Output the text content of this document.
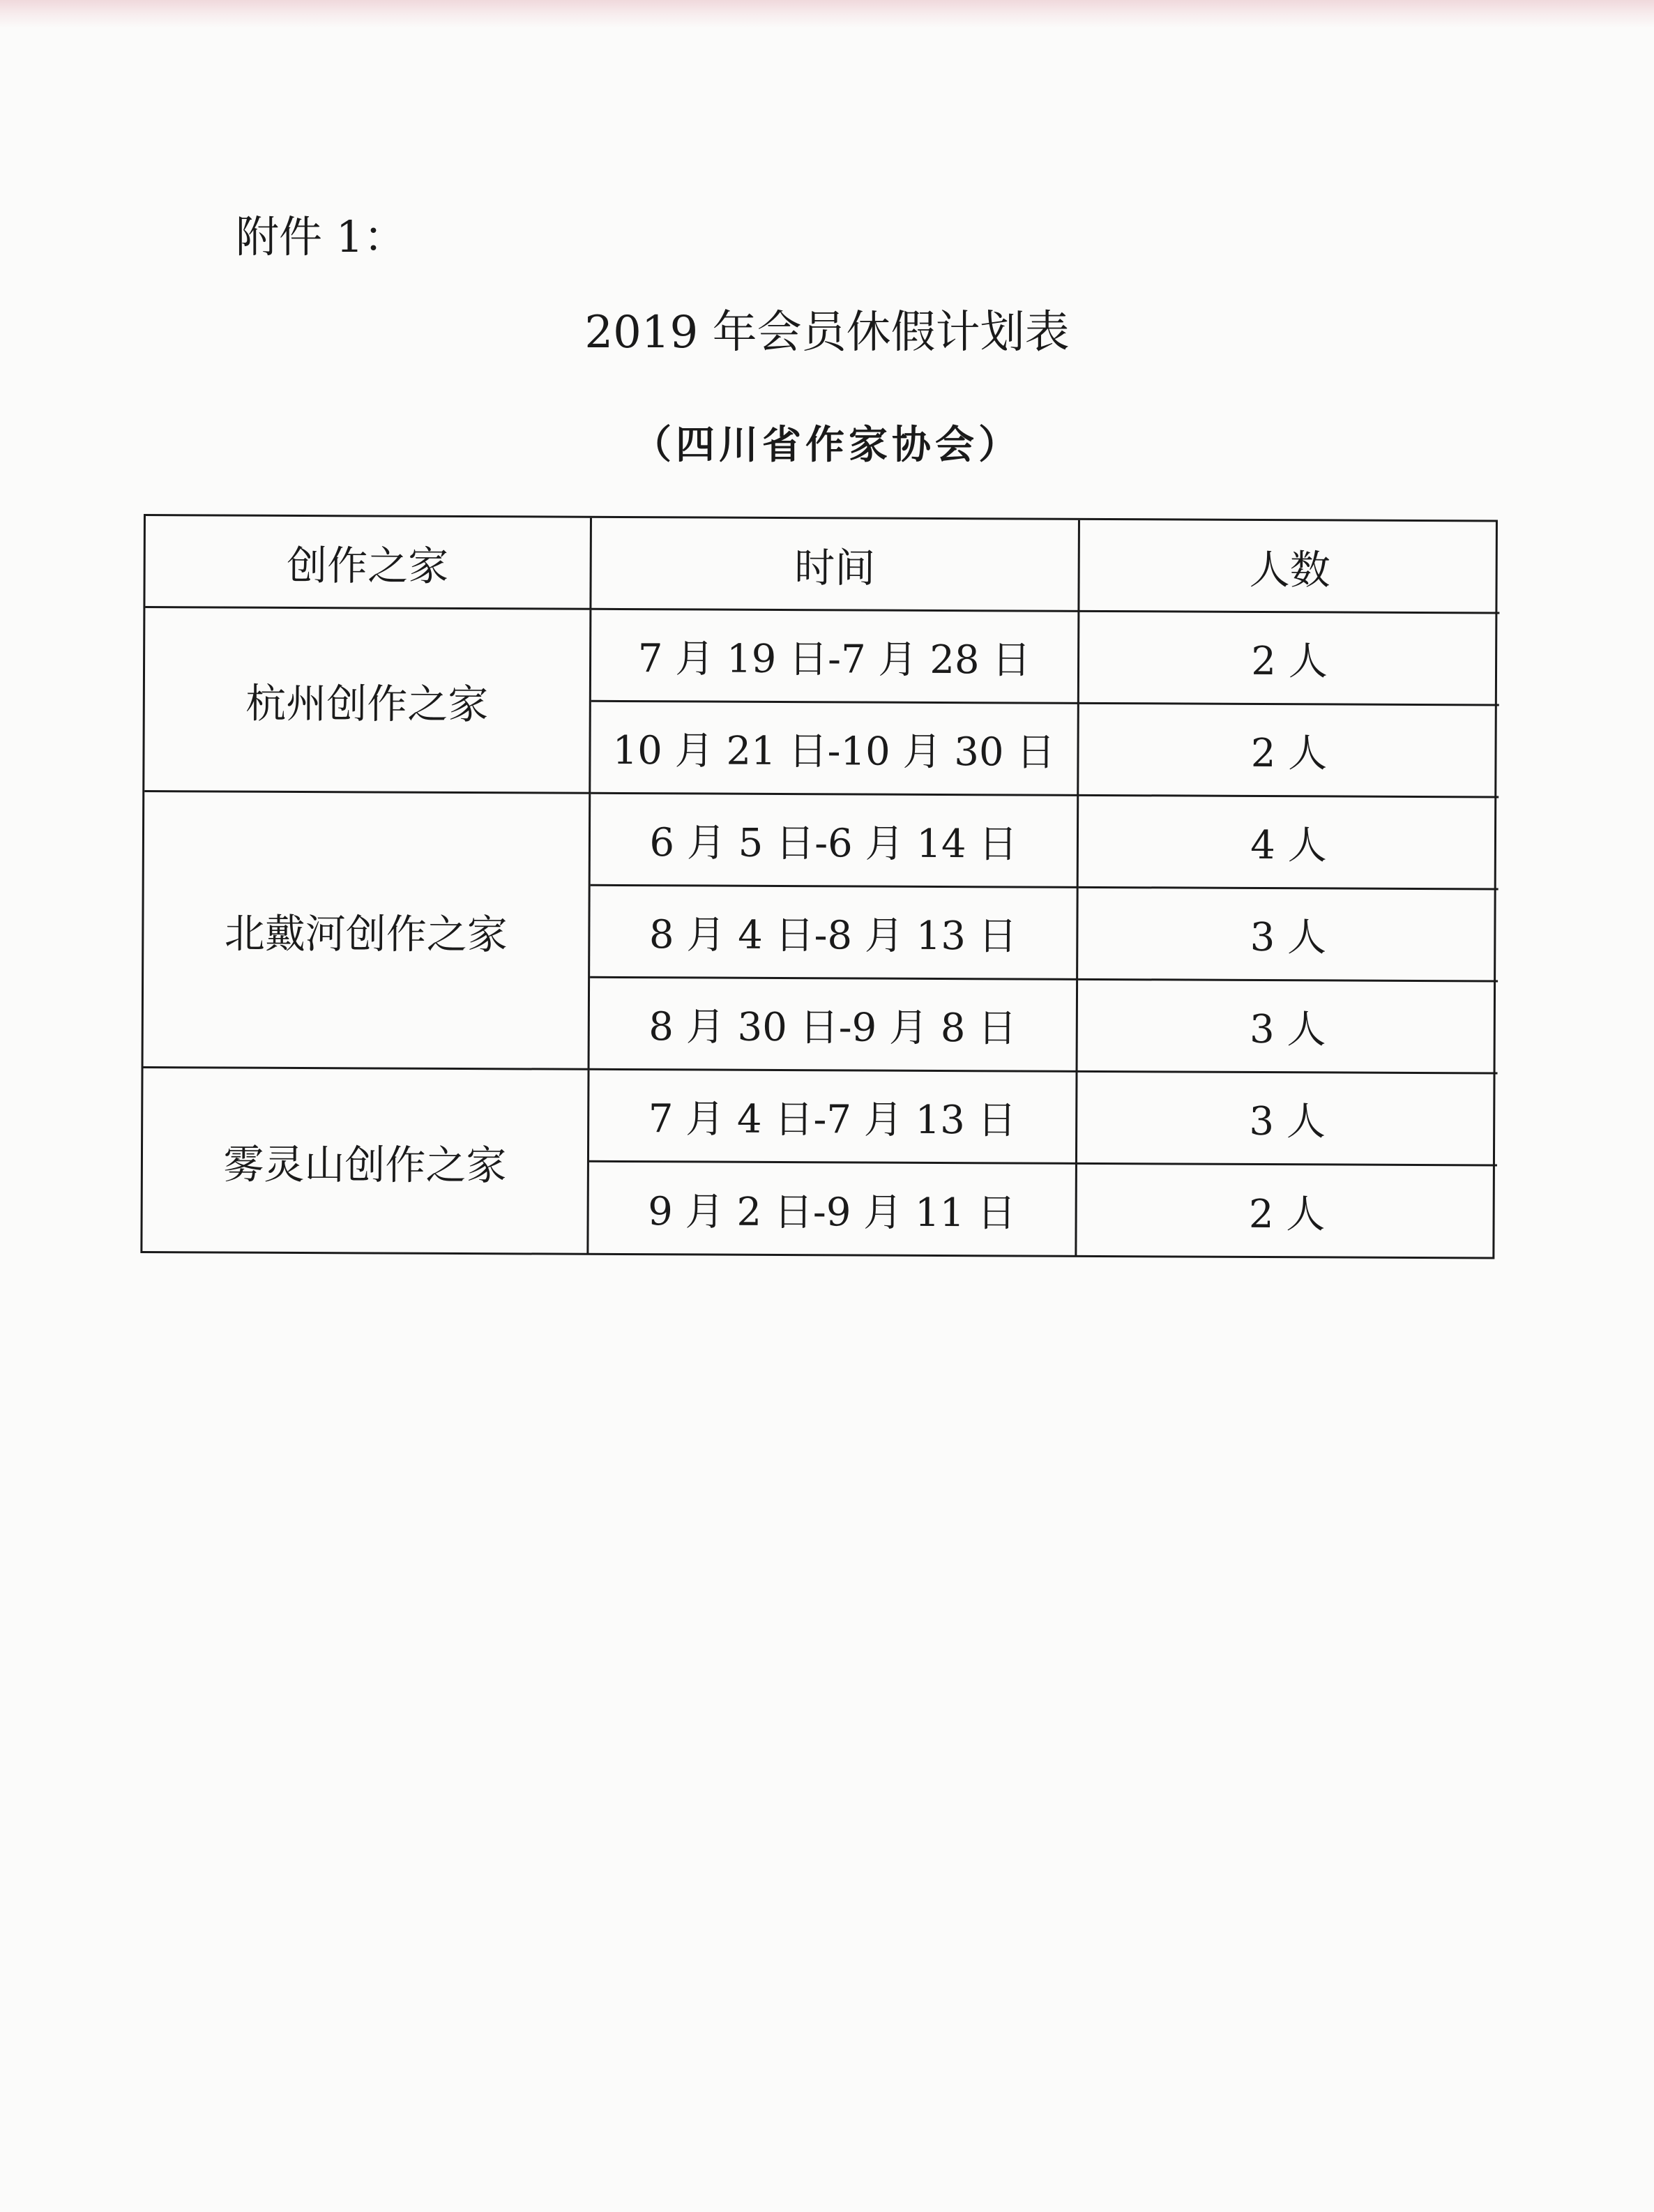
附件 1：
2019 年会员休假计划表
（四川省作家协会）
创作之家	时间	人数
杭州创作之家
7 月 19 日-7 月 28 日	2 人
10 月 21 日-10 月 30 日	2 人
北戴河创作之家
6 月 5 日-6 月 14 日	4 人
8 月 4 日-8 月 13 日	3 人
8 月 30 日-9 月 8 日	3 人
雾灵山创作之家
7 月 4 日-7 月 13 日	3 人
9 月 2 日-9 月 11 日	2 人
